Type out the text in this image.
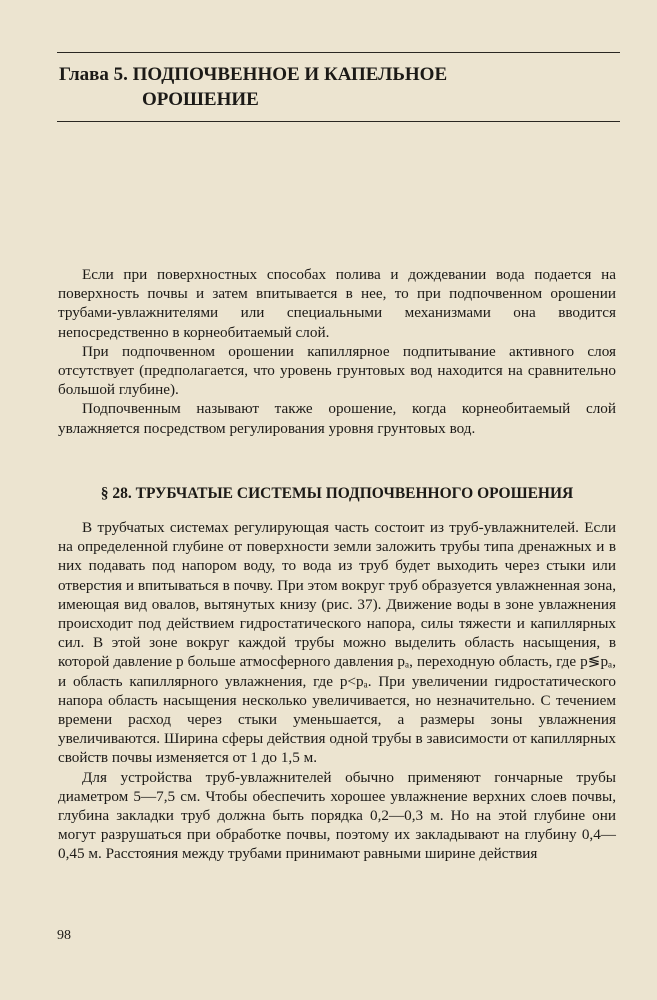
Глава 5. ПОДПОЧВЕННОЕ И КАПЕЛЬНОЕ
ОРОШЕНИЕ

Если при поверхностных способах полива и дождевании вода подается на поверхность почвы и затем впитывается в нее, то при подпочвенном орошении трубами-увлажнителями или специальными механизмами она вводится непосредственно в корнеобитаемый слой.

При подпочвенном орошении капиллярное подпитывание активного слоя отсутствует (предполагается, что уровень грунтовых вод находится на сравнительно большой глубине).

Подпочвенным называют также орошение, когда корнеобитаемый слой увлажняется посредством регулирования уровня грунтовых вод.

§ 28. ТРУБЧАТЫЕ СИСТЕМЫ ПОДПОЧВЕННОГО ОРОШЕНИЯ

В трубчатых системах регулирующая часть состоит из труб-увлажнителей. Если на определенной глубине от поверхности земли заложить трубы типа дренажных и в них подавать под напором воду, то вода из труб будет выходить через стыки или отверстия и впитываться в почву. При этом вокруг труб образуется увлажненная зона, имеющая вид овалов, вытянутых книзу (рис. 37). Движение воды в зоне увлажнения происходит под действием гидростатического напора, силы тяжести и капиллярных сил. В этой зоне вокруг каждой трубы можно выделить область насыщения, в которой давление p больше атмосферного давления pₐ, переходную область, где p≶pₐ, и область капиллярного увлажнения, где p<pₐ. При увеличении гидростатического напора область насыщения несколько увеличивается, но незначительно. С течением времени расход через стыки уменьшается, а размеры зоны увлажнения увеличиваются. Ширина сферы действия одной трубы в зависимости от капиллярных свойств почвы изменяется от 1 до 1,5 м.

Для устройства труб-увлажнителей обычно применяют гончарные трубы диаметром 5—7,5 см. Чтобы обеспечить хорошее увлажнение верхних слоев почвы, глубина закладки труб должна быть порядка 0,2—0,3 м. Но на этой глубине они могут разрушаться при обработке почвы, поэтому их закладывают на глубину 0,4—0,45 м. Расстояния между трубами принимают равными ширине действия

98
